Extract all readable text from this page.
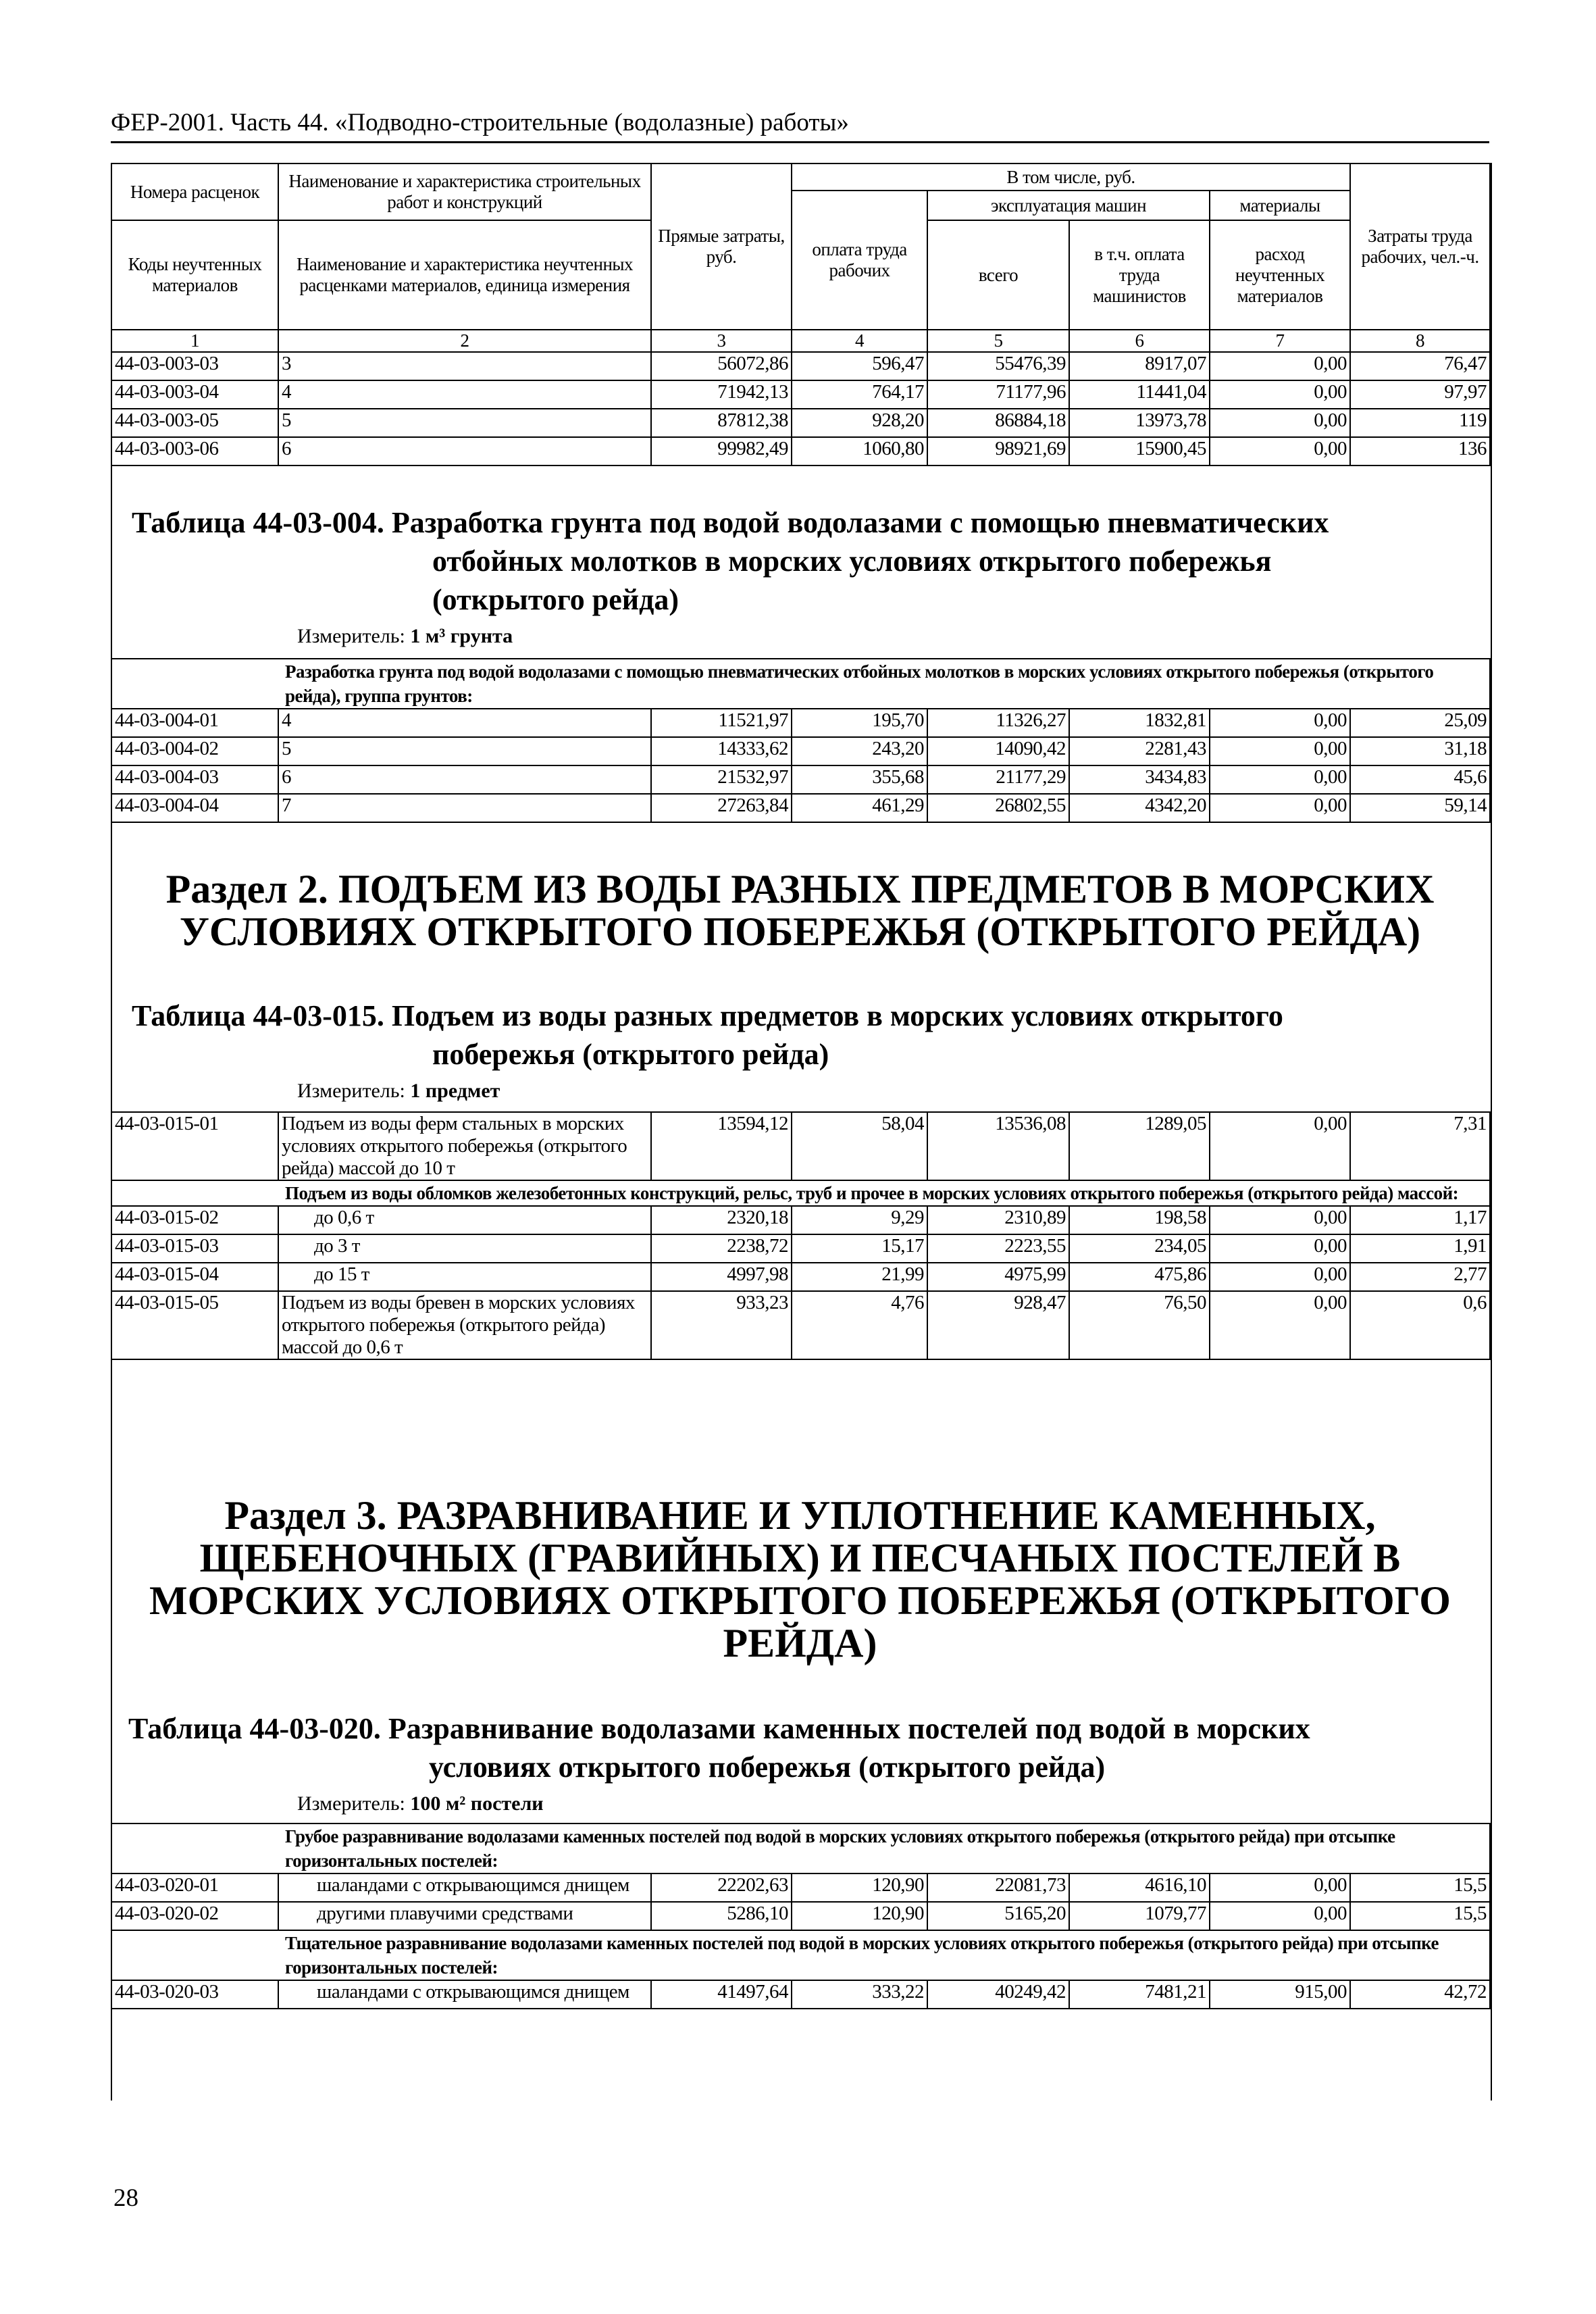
ФЕР-2001. Часть 44. «Подводно-строительные (водолазные) работы»
Номера расценок	Наименование и характеристика строительных работ и конструкций	Прямые затраты, руб.	В том числе, руб.				Затраты труда рабочих, чел.-ч.
			оплата труда рабочих	эксплуатация машин		материалы	
Коды неучтенных материалов	Наименование и характеристика неучтенных расценками материалов, единица измерения			всего	в т.ч. оплата труда машинистов	расход неучтенных материалов	
1	2	3	4	5	6	7	8
44-03-003-03	3	56072,86	596,47	55476,39	8917,07	0,00	76,47
44-03-003-04	4	71942,13	764,17	71177,96	11441,04	0,00	97,97
44-03-003-05	5	87812,38	928,20	86884,18	13973,78	0,00	119
44-03-003-06	6	99982,49	1060,80	98921,69	15900,45	0,00	136
Таблица 44-03-004. Разработка грунта под водой водолазами с помощью пневматических
отбойных молотков в морских условиях открытого побережья
(открытого рейда)
Измеритель: 1 м³ грунта
	Разработка грунта под водой водолазами с помощью пневматических отбойных молотков в морских условиях открытого побережья (открытого рейда), группа грунтов:						
44-03-004-01	4	11521,97	195,70	11326,27	1832,81	0,00	25,09
44-03-004-02	5	14333,62	243,20	14090,42	2281,43	0,00	31,18
44-03-004-03	6	21532,97	355,68	21177,29	3434,83	0,00	45,6
44-03-004-04	7	27263,84	461,29	26802,55	4342,20	0,00	59,14
Раздел 2. ПОДЪЕМ ИЗ ВОДЫ РАЗНЫХ ПРЕДМЕТОВ В МОРСКИХ
УСЛОВИЯХ ОТКРЫТОГО ПОБЕРЕЖЬЯ (ОТКРЫТОГО РЕЙДА)
Таблица 44-03-015. Подъем из воды разных предметов в морских условиях открытого
побережья (открытого рейда)
Измеритель: 1 предмет
44-03-015-01	Подъем из воды ферм стальных в морских условиях открытого побережья (открытого рейда) массой до 10 т	13594,12	58,04	13536,08	1289,05	0,00	7,31
	Подъем из воды обломков железобетонных конструкций, рельс, труб и прочее в морских условиях открытого побережья (открытого рейда) массой:						
44-03-015-02	до 0,6 т	2320,18	9,29	2310,89	198,58	0,00	1,17
44-03-015-03	до 3 т	2238,72	15,17	2223,55	234,05	0,00	1,91
44-03-015-04	до 15 т	4997,98	21,99	4975,99	475,86	0,00	2,77
44-03-015-05	Подъем из воды бревен в морских условиях открытого побережья (открытого рейда) массой до 0,6 т	933,23	4,76	928,47	76,50	0,00	0,6
Раздел 3. РАЗРАВНИВАНИЕ И УПЛОТНЕНИЕ КАМЕННЫХ,
ЩЕБЕНОЧНЫХ (ГРАВИЙНЫХ) И ПЕСЧАНЫХ ПОСТЕЛЕЙ В
МОРСКИХ УСЛОВИЯХ ОТКРЫТОГО ПОБЕРЕЖЬЯ (ОТКРЫТОГО
РЕЙДА)
Таблица 44-03-020. Разравнивание водолазами каменных постелей под водой в морских
условиях открытого побережья (открытого рейда)
Измеритель: 100 м² постели
	Грубое разравнивание водолазами каменных постелей под водой в морских условиях открытого побережья (открытого рейда) при отсыпке горизонтальных постелей:						
44-03-020-01	шаландами с открывающимся днищем	22202,63	120,90	22081,73	4616,10	0,00	15,5
44-03-020-02	другими плавучими средствами	5286,10	120,90	5165,20	1079,77	0,00	15,5
	Тщательное разравнивание водолазами каменных постелей под водой в морских условиях открытого побережья (открытого рейда) при отсыпке горизонтальных постелей:						
44-03-020-03	шаландами с открывающимся днищем	41497,64	333,22	40249,42	7481,21	915,00	42,72
28
